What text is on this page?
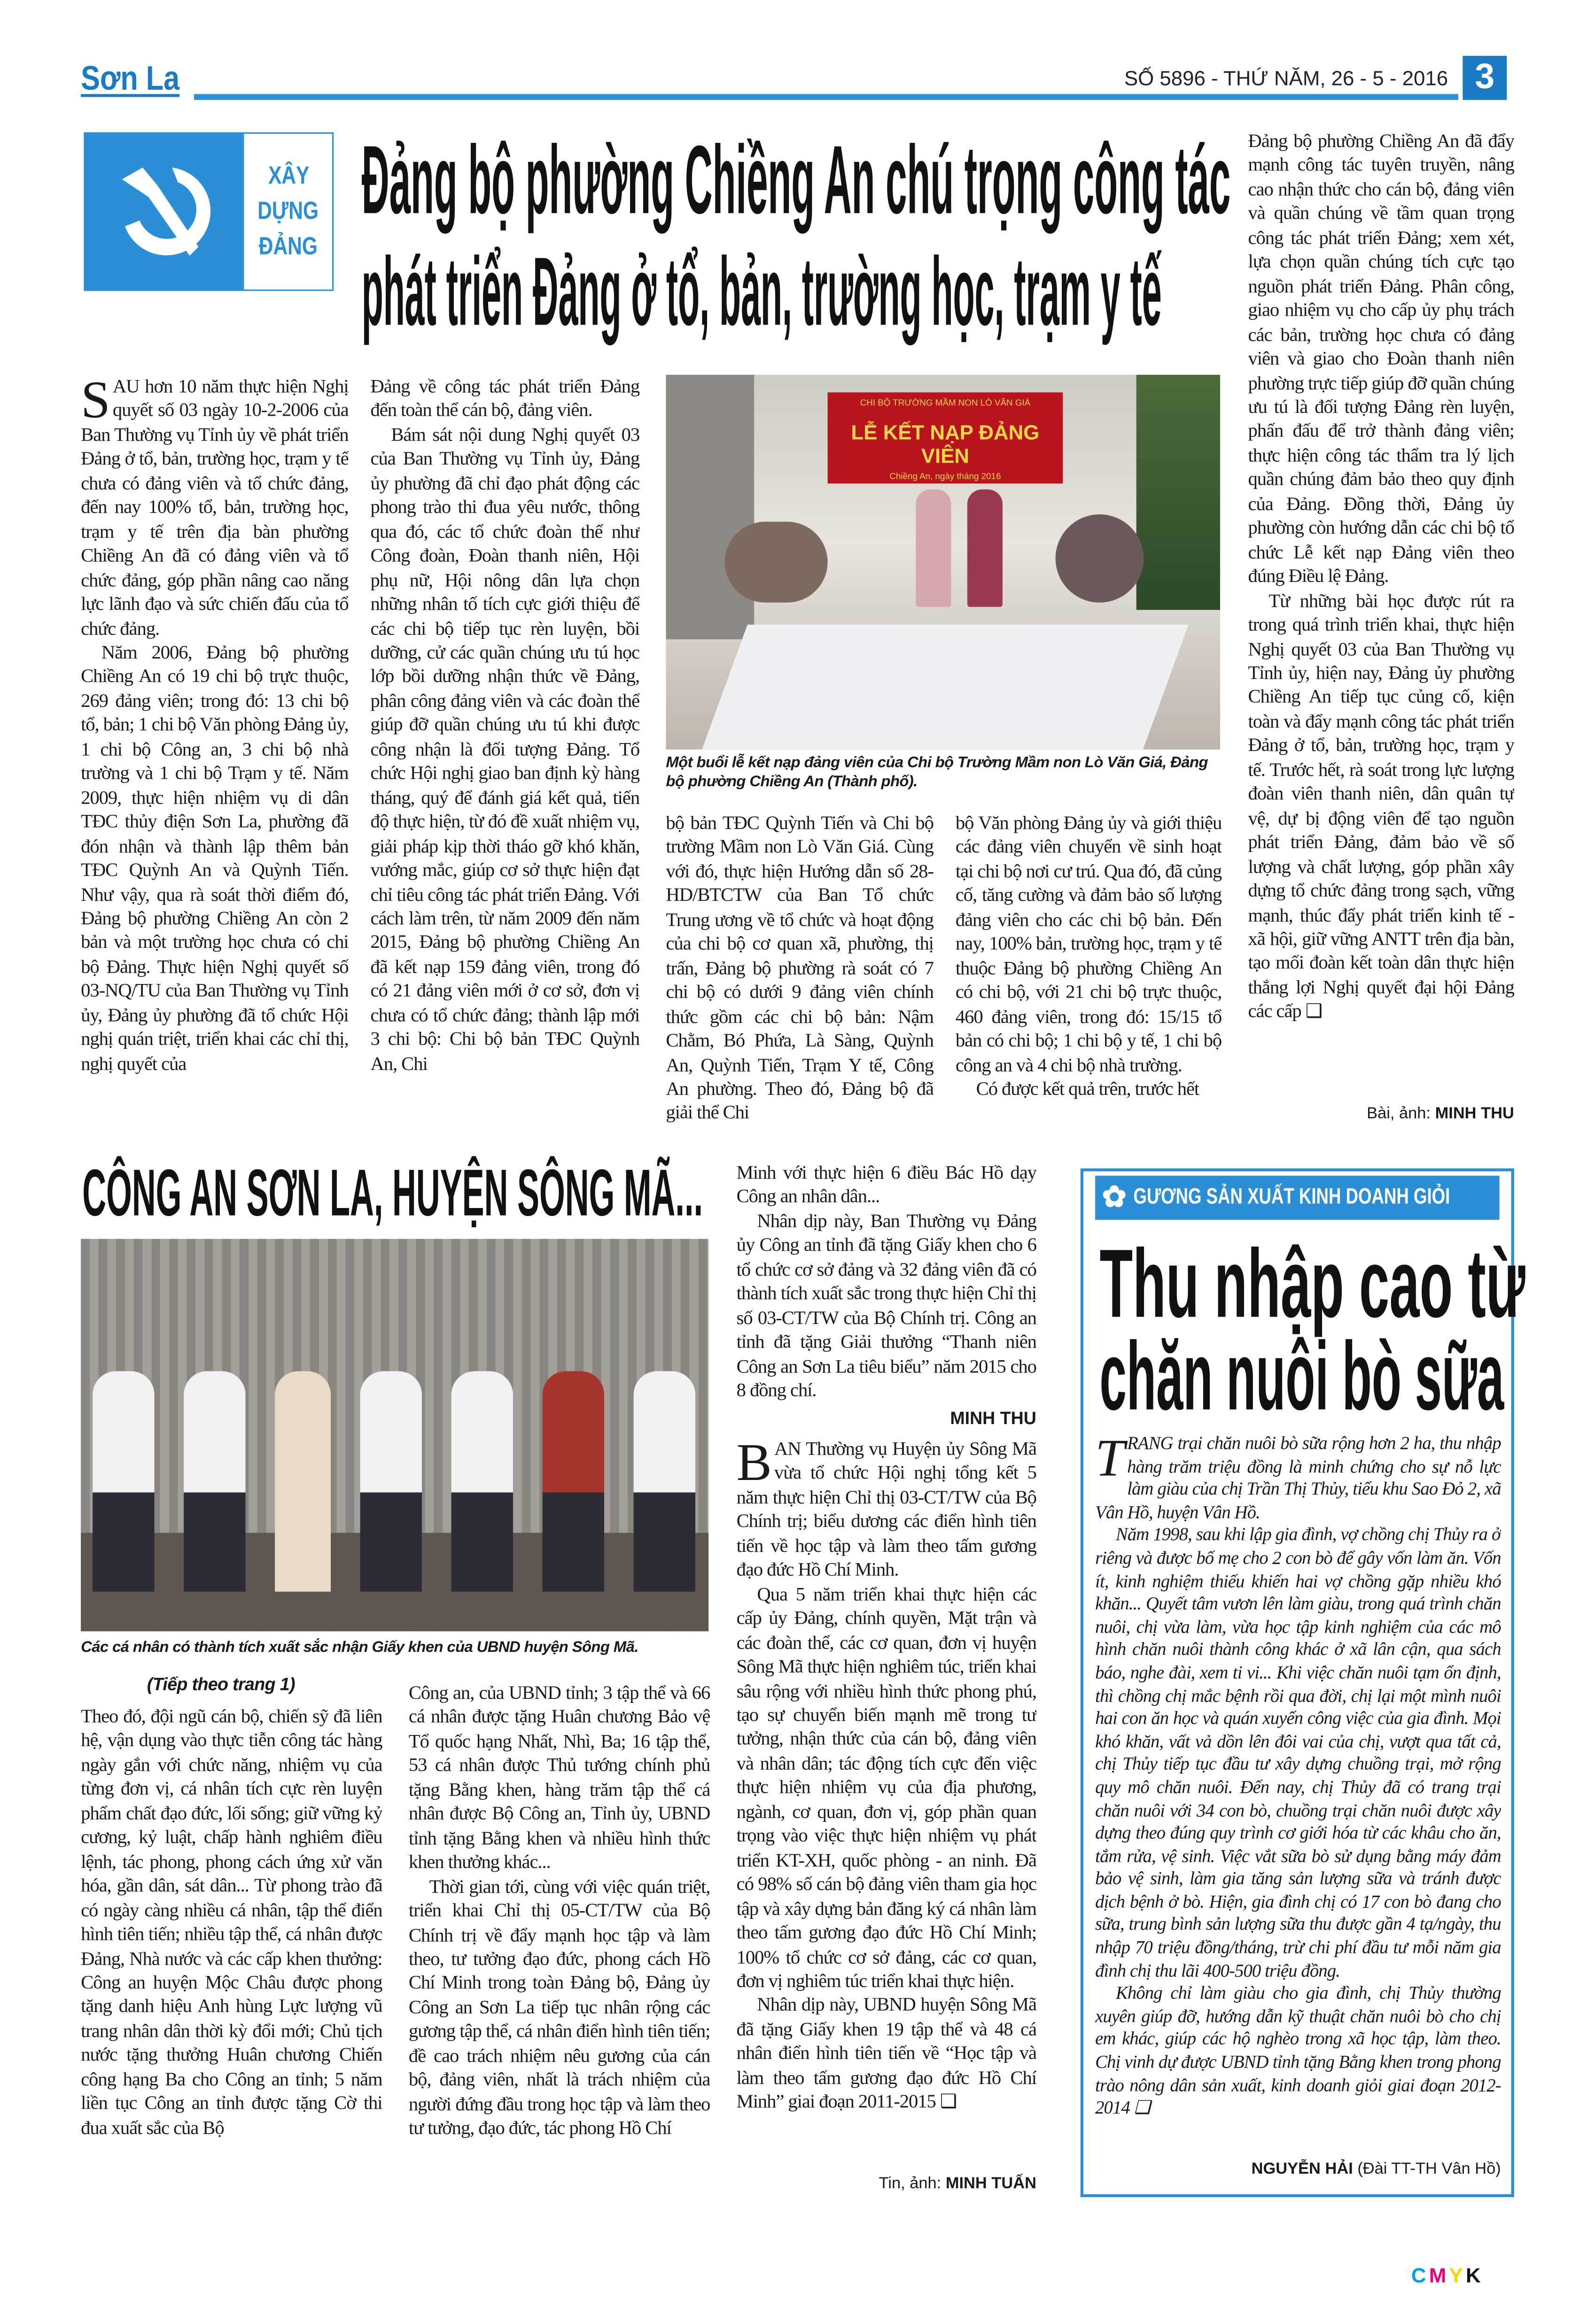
Sơn La	SỐ 5896 - THỨ NĂM, 26 - 5 - 2016	3
XÂY
DỰNG
ĐẢNG
Đảng bộ phường Chiềng An chú trọng công tác
phát triển Đảng ở tổ, bản, trường học, trạm y tế

SAU hơn 10 năm thực hiện Nghị quyết số 03 ngày 10-2-2006 của Ban Thường vụ Tỉnh ủy về phát triển Đảng ở tổ, bản, trường học, trạm y tế chưa có đảng viên và tổ chức đảng, đến nay 100% tổ, bản, trường học, trạm y tế trên địa bàn phường Chiềng An đã có đảng viên và tổ chức đảng, góp phần nâng cao năng lực lãnh đạo và sức chiến đấu của tổ chức đảng.

Năm 2006, Đảng bộ phường Chiềng An có 19 chi bộ trực thuộc, 269 đảng viên; trong đó: 13 chi bộ tổ, bản; 1 chi bộ Văn phòng Đảng ủy, 1 chi bộ Công an, 3 chi bộ nhà trường và 1 chi bộ Trạm y tế. Năm 2009, thực hiện nhiệm vụ di dân TĐC thủy điện Sơn La, phường đã đón nhận và thành lập thêm bản TĐC Quỳnh An và Quỳnh Tiến. Như vậy, qua rà soát thời điểm đó, Đảng bộ phường Chiềng An còn 2 bản và một trường học chưa có chi bộ Đảng. Thực hiện Nghị quyết số 03-NQ/TU của Ban Thường vụ Tỉnh ủy, Đảng ủy phường đã tổ chức Hội nghị quán triệt, triển khai các chỉ thị, nghị quyết của

Đảng về công tác phát triển Đảng đến toàn thể cán bộ, đảng viên.

Bám sát nội dung Nghị quyết 03 của Ban Thường vụ Tỉnh ủy, Đảng ủy phường đã chỉ đạo phát động các phong trào thi đua yêu nước, thông qua đó, các tổ chức đoàn thể như Công đoàn, Đoàn thanh niên, Hội phụ nữ, Hội nông dân lựa chọn những nhân tố tích cực giới thiệu để các chi bộ tiếp tục rèn luyện, bồi dưỡng, cử các quần chúng ưu tú học lớp bồi dưỡng nhận thức về Đảng, phân công đảng viên và các đoàn thể giúp đỡ quần chúng ưu tú khi được công nhận là đối tượng Đảng. Tổ chức Hội nghị giao ban định kỳ hàng tháng, quý để đánh giá kết quả, tiến độ thực hiện, từ đó đề xuất nhiệm vụ, giải pháp kịp thời tháo gỡ khó khăn, vướng mắc, giúp cơ sở thực hiện đạt chỉ tiêu công tác phát triển Đảng. Với cách làm trên, từ năm 2009 đến năm 2015, Đảng bộ phường Chiềng An đã kết nạp 159 đảng viên, trong đó có 21 đảng viên mới ở cơ sở, đơn vị chưa có tổ chức đảng; thành lập mới 3 chi bộ: Chi bộ bản TĐC Quỳnh An, Chi

CHI BỘ TRƯỜNG MẦM NON LÒ VĂN GIÁ
LỄ KẾT NẠP ĐẢNG VIÊN
Chiềng An, ngày tháng 2016
Một buổi lễ kết nạp đảng viên của Chi bộ Trường Mầm non Lò Văn Giá, Đảng bộ phường Chiềng An (Thành phố).

bộ bản TĐC Quỳnh Tiến và Chi bộ trường Mầm non Lò Văn Giá. Cùng với đó, thực hiện Hướng dẫn số 28-HD/BTCTW của Ban Tổ chức Trung ương về tổ chức và hoạt động của chi bộ cơ quan xã, phường, thị trấn, Đảng bộ phường rà soát có 7 chi bộ có dưới 9 đảng viên chính thức gồm các chi bộ bản: Nậm Chằm, Bó Phứa, Là Sàng, Quỳnh An, Quỳnh Tiến, Trạm Y tế, Công An phường. Theo đó, Đảng bộ đã giải thể Chi

bộ Văn phòng Đảng ủy và giới thiệu các đảng viên chuyển về sinh hoạt tại chi bộ nơi cư trú. Qua đó, đã củng cố, tăng cường và đảm bảo số lượng đảng viên cho các chi bộ bản. Đến nay, 100% bản, trường học, trạm y tế thuộc Đảng bộ phường Chiềng An có chi bộ, với 21 chi bộ trực thuộc, 460 đảng viên, trong đó: 15/15 tổ bản có chi bộ; 1 chi bộ y tế, 1 chi bộ công an và 4 chi bộ nhà trường.

Có được kết quả trên, trước hết

Đảng bộ phường Chiềng An đã đẩy mạnh công tác tuyên truyền, nâng cao nhận thức cho cán bộ, đảng viên và quần chúng về tầm quan trọng công tác phát triển Đảng; xem xét, lựa chọn quần chúng tích cực tạo nguồn phát triển Đảng. Phân công, giao nhiệm vụ cho cấp ủy phụ trách các bản, trường học chưa có đảng viên và giao cho Đoàn thanh niên phường trực tiếp giúp đỡ quần chúng ưu tú là đối tượng Đảng rèn luyện, phấn đấu để trở thành đảng viên; thực hiện công tác thẩm tra lý lịch quần chúng đảm bảo theo quy định của Đảng. Đồng thời, Đảng ủy phường còn hướng dẫn các chi bộ tổ chức Lễ kết nạp Đảng viên theo đúng Điều lệ Đảng.

Từ những bài học được rút ra trong quá trình triển khai, thực hiện Nghị quyết 03 của Ban Thường vụ Tỉnh ủy, hiện nay, Đảng ủy phường Chiềng An tiếp tục củng cố, kiện toàn và đẩy mạnh công tác phát triển Đảng ở tổ, bản, trường học, trạm y tế. Trước hết, rà soát trong lực lượng đoàn viên thanh niên, dân quân tự vệ, dự bị động viên để tạo nguồn phát triển Đảng, đảm bảo về số lượng và chất lượng, góp phần xây dựng tổ chức đảng trong sạch, vững mạnh, thúc đẩy phát triển kinh tế - xã hội, giữ vững ANTT trên địa bàn, tạo mối đoàn kết toàn dân thực hiện thắng lợi Nghị quyết đại hội Đảng các cấp ❑

Bài, ảnh: MINH THU
CÔNG AN SƠN LA, HUYỆN SÔNG MÃ...
Các cá nhân có thành tích xuất sắc nhận Giấy khen của UBND huyện Sông Mã.
(Tiếp theo trang 1)

Theo đó, đội ngũ cán bộ, chiến sỹ đã liên hệ, vận dụng vào thực tiễn công tác hàng ngày gắn với chức năng, nhiệm vụ của từng đơn vị, cá nhân tích cực rèn luyện phẩm chất đạo đức, lối sống; giữ vững kỷ cương, kỷ luật, chấp hành nghiêm điều lệnh, tác phong, phong cách ứng xử văn hóa, gần dân, sát dân... Từ phong trào đã có ngày càng nhiều cá nhân, tập thể điển hình tiên tiến; nhiều tập thể, cá nhân được Đảng, Nhà nước và các cấp khen thưởng: Công an huyện Mộc Châu được phong tặng danh hiệu Anh hùng Lực lượng vũ trang nhân dân thời kỳ đổi mới; Chủ tịch nước tặng thưởng Huân chương Chiến công hạng Ba cho Công an tỉnh; 5 năm liền tục Công an tỉnh được tặng Cờ thi đua xuất sắc của Bộ

Công an, của UBND tỉnh; 3 tập thể và 66 cá nhân được tặng Huân chương Bảo vệ Tổ quốc hạng Nhất, Nhì, Ba; 16 tập thể, 53 cá nhân được Thủ tướng chính phủ tặng Bằng khen, hàng trăm tập thể cá nhân được Bộ Công an, Tỉnh ủy, UBND tỉnh tặng Bằng khen và nhiều hình thức khen thưởng khác...

Thời gian tới, cùng với việc quán triệt, triển khai Chỉ thị 05-CT/TW của Bộ Chính trị về đẩy mạnh học tập và làm theo, tư tưởng đạo đức, phong cách Hồ Chí Minh trong toàn Đảng bộ, Đảng ủy Công an Sơn La tiếp tục nhân rộng các gương tập thể, cá nhân điển hình tiên tiến; đề cao trách nhiệm nêu gương của cán bộ, đảng viên, nhất là trách nhiệm của người đứng đầu trong học tập và làm theo tư tưởng, đạo đức, tác phong Hồ Chí

Minh với thực hiện 6 điều Bác Hồ dạy Công an nhân dân...

Nhân dịp này, Ban Thường vụ Đảng ủy Công an tỉnh đã tặng Giấy khen cho 6 tổ chức cơ sở đảng và 32 đảng viên đã có thành tích xuất sắc trong thực hiện Chỉ thị số 03-CT/TW của Bộ Chính trị. Công an tỉnh đã tặng Giải thưởng “Thanh niên Công an Sơn La tiêu biểu” năm 2015 cho 8 đồng chí.

MINH THU

BAN Thường vụ Huyện ủy Sông Mã vừa tổ chức Hội nghị tổng kết 5 năm thực hiện Chỉ thị 03-CT/TW của Bộ Chính trị; biểu dương các điển hình tiên tiến về học tập và làm theo tấm gương đạo đức Hồ Chí Minh.

Qua 5 năm triển khai thực hiện các cấp ủy Đảng, chính quyền, Mặt trận và các đoàn thể, các cơ quan, đơn vị huyện Sông Mã thực hiện nghiêm túc, triển khai sâu rộng với nhiều hình thức phong phú, tạo sự chuyển biến mạnh mẽ trong tư tưởng, nhận thức của cán bộ, đảng viên và nhân dân; tác động tích cực đến việc thực hiện nhiệm vụ của địa phương, ngành, cơ quan, đơn vị, góp phần quan trọng vào việc thực hiện nhiệm vụ phát triển KT-XH, quốc phòng - an ninh. Đã có 98% số cán bộ đảng viên tham gia học tập và xây dựng bản đăng ký cá nhân làm theo tấm gương đạo đức Hồ Chí Minh; 100% tổ chức cơ sở đảng, các cơ quan, đơn vị nghiêm túc triển khai thực hiện.

Nhân dịp này, UBND huyện Sông Mã đã tặng Giấy khen 19 tập thể và 48 cá nhân điển hình tiên tiến về “Học tập và làm theo tấm gương đạo đức Hồ Chí Minh” giai đoạn 2011-2015 ❑

Tin, ảnh: MINH TUẤN
✿ GƯƠNG SẢN XUẤT KINH DOANH GIỎI
Thu nhập cao từ
chăn nuôi bò sữa

TRANG trại chăn nuôi bò sữa rộng hơn 2 ha, thu nhập hàng trăm triệu đồng là minh chứng cho sự nỗ lực làm giàu của chị Trần Thị Thủy, tiểu khu Sao Đỏ 2, xã Vân Hồ, huyện Vân Hồ.

Năm 1998, sau khi lập gia đình, vợ chồng chị Thủy ra ở riêng và được bố mẹ cho 2 con bò để gây vốn làm ăn. Vốn ít, kinh nghiệm thiếu khiến hai vợ chồng gặp nhiều khó khăn... Quyết tâm vươn lên làm giàu, trong quá trình chăn nuôi, chị vừa làm, vừa học tập kinh nghiệm của các mô hình chăn nuôi thành công khác ở xã lân cận, qua sách báo, nghe đài, xem ti vi... Khi việc chăn nuôi tạm ổn định, thì chồng chị mắc bệnh rồi qua đời, chị lại một mình nuôi hai con ăn học và quán xuyến công việc của gia đình. Mọi khó khăn, vất vả dồn lên đôi vai của chị, vượt qua tất cả, chị Thủy tiếp tục đầu tư xây dựng chuồng trại, mở rộng quy mô chăn nuôi. Đến nay, chị Thủy đã có trang trại chăn nuôi với 34 con bò, chuồng trại chăn nuôi được xây dựng theo đúng quy trình cơ giới hóa từ các khâu cho ăn, tắm rửa, vệ sinh. Việc vắt sữa bò sử dụng bằng máy đảm bảo vệ sinh, làm gia tăng sản lượng sữa và tránh được dịch bệnh ở bò. Hiện, gia đình chị có 17 con bò đang cho sữa, trung bình sản lượng sữa thu được gần 4 tạ/ngày, thu nhập 70 triệu đồng/tháng, trừ chi phí đầu tư mỗi năm gia đình chị thu lãi 400-500 triệu đồng.

Không chỉ làm giàu cho gia đình, chị Thủy thường xuyên giúp đỡ, hướng dẫn kỹ thuật chăn nuôi bò cho chị em khác, giúp các hộ nghèo trong xã học tập, làm theo. Chị vinh dự được UBND tỉnh tặng Bằng khen trong phong trào nông dân sản xuất, kinh doanh giỏi giai đoạn 2012-2014 ❑

NGUYỄN HẢI (Đài TT-TH Vân Hồ)
CMYK
